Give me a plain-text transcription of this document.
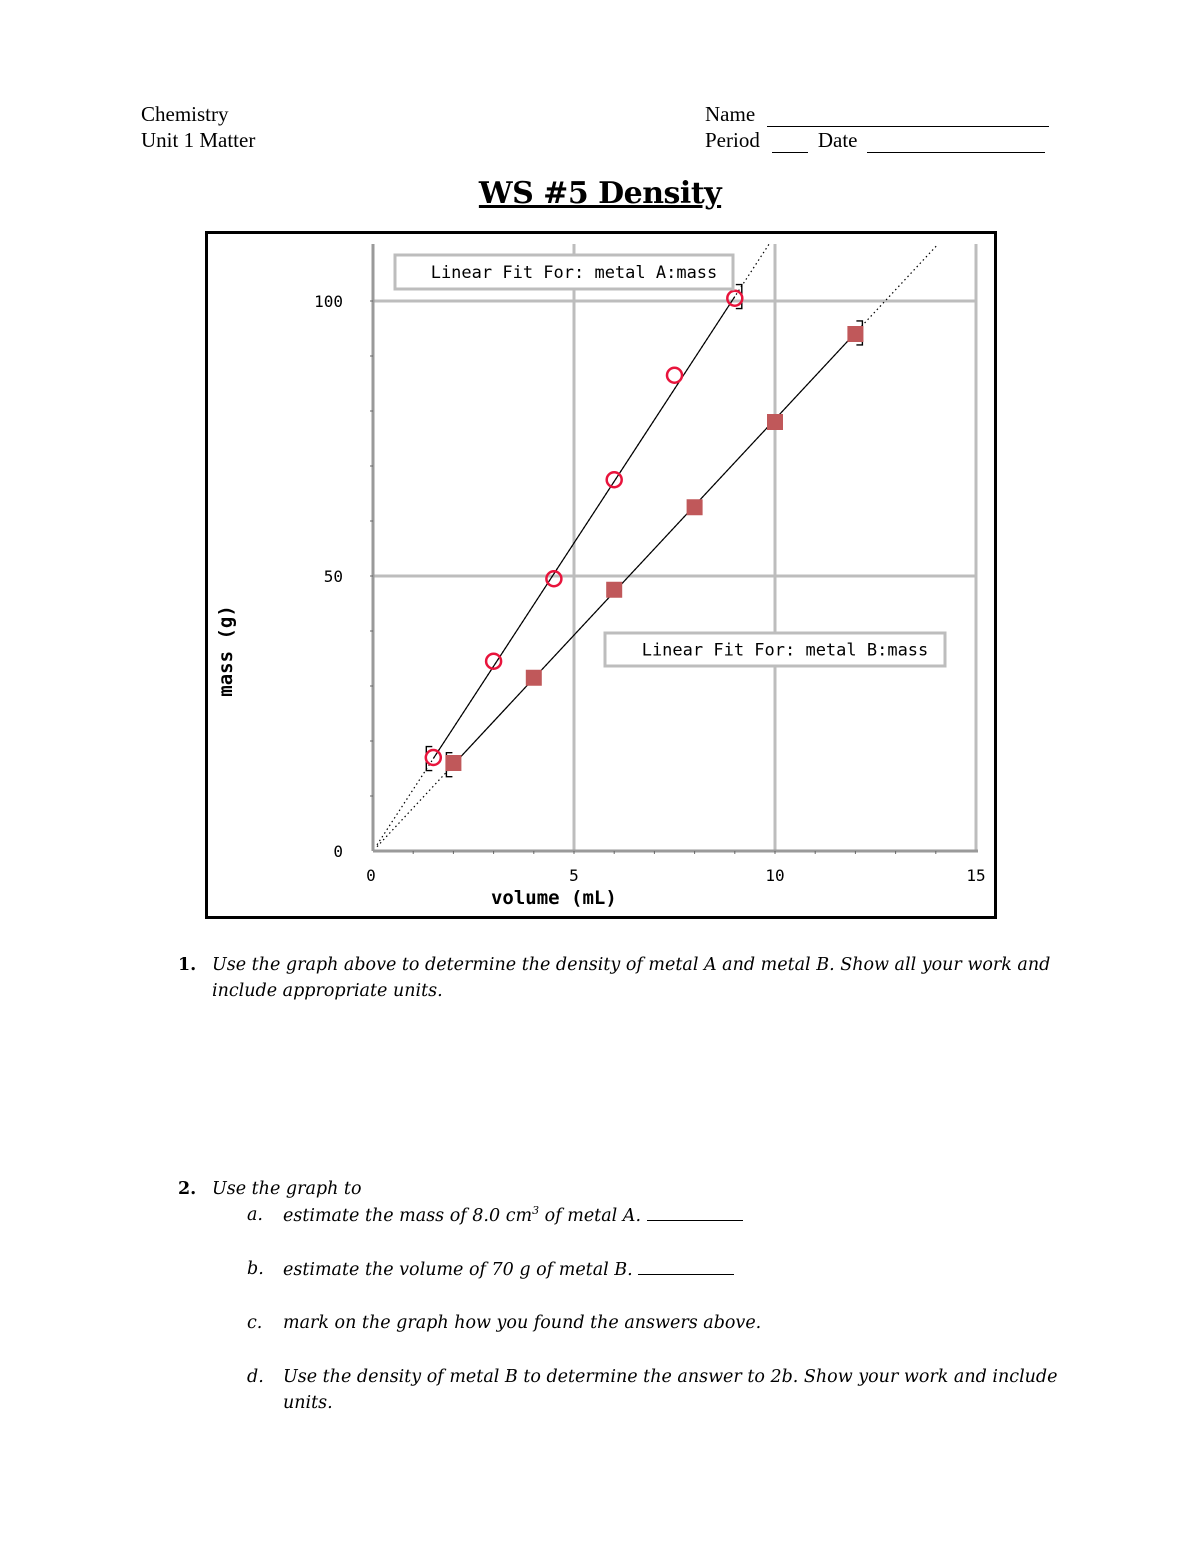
Chemistry
Unit 1 Matter
Name
Period	Date
WS #5 Density
0	5	10	15
0
50
100
volume (mL)
mass (g)
Linear Fit For: metal A:mass
Linear Fit For: metal B:mass
1. Use the graph above to determine the density of metal A and metal B. Show all your work and
include appropriate units.
2. Use the graph to
a. estimate the mass of 8.0 $cm^3$ of metal A.
b. estimate the volume of 70 g of metal B.
c. mark on the graph how you found the answers above.
d. Use the density of metal B to determine the answer to 2b. Show your work and include
units.
